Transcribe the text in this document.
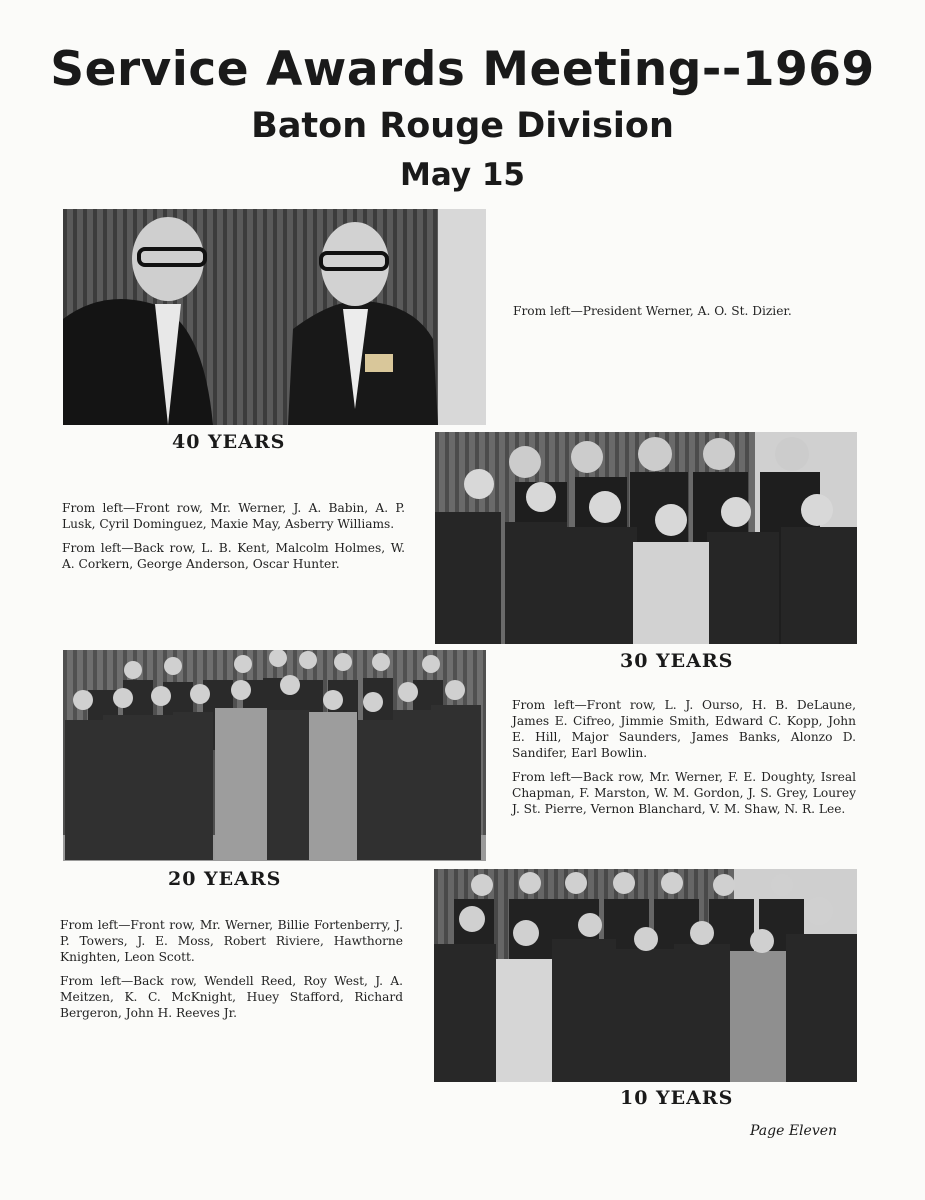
Service Awards Meeting--1969
Baton Rouge Division
May 15
From left—President Werner, A. O. St. Dizier.
40 YEARS

From left—Front row, Mr. Werner, J. A. Babin, A. P. Lusk, Cyril Dominguez, Maxie May, Asberry Williams.

From left—Back row, L. B. Kent, Malcolm Holmes, W. A. Corkern, George Anderson, Oscar Hunter.

30 YEARS

From left—Front row, L. J. Ourso, H. B. DeLaune, James E. Cifreo, Jimmie Smith, Edward C. Kopp, John E. Hill, Major Saunders, James Banks, Alonzo D. Sandifer, Earl Bowlin.

From left—Back row, Mr. Werner, F. E. Doughty, Isreal Chapman, F. Marston, W. M. Gordon, J. S. Grey, Lourey J. St. Pierre, Vernon Blanchard, V. M. Shaw, N. R. Lee.

20 YEARS

From left—Front row, Mr. Werner, Billie Fortenberry, J. P. Towers, J. E. Moss, Robert Riviere, Hawthorne Knighten, Leon Scott.

From left—Back row, Wendell Reed, Roy West, J. A. Meitzen, K. C. McKnight, Huey Stafford, Richard Bergeron, John H. Reeves Jr.

10 YEARS
Page Eleven
